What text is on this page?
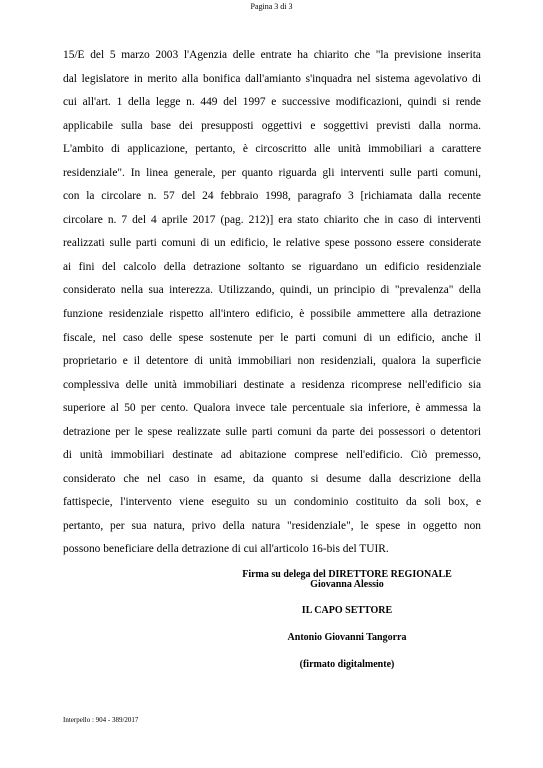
Pagina 3 di 3
15/E del 5 marzo 2003 l'Agenzia delle entrate ha chiarito che "la previsione inserita
dal legislatore in merito alla bonifica dall'amianto s'inquadra nel sistema agevolativo di
cui all'art. 1 della legge n. 449 del 1997 e successive modificazioni, quindi si rende
applicabile sulla base dei presupposti oggettivi e soggettivi previsti dalla norma.
L'ambito di applicazione, pertanto, è circoscritto alle unità immobiliari a carattere
residenziale". In linea generale, per quanto riguarda gli interventi sulle parti comuni,
con la circolare n. 57 del 24 febbraio 1998, paragrafo 3 [richiamata dalla recente
circolare n. 7 del 4 aprile 2017 (pag. 212)] era stato chiarito che in caso di interventi
realizzati sulle parti comuni di un edificio, le relative spese possono essere considerate
ai fini del calcolo della detrazione soltanto se riguardano un edificio residenziale
considerato nella sua interezza. Utilizzando, quindi, un principio di "prevalenza" della
funzione residenziale rispetto all'intero edificio, è possibile ammettere alla detrazione
fiscale, nel caso delle spese sostenute per le parti comuni di un edificio, anche il
proprietario e il detentore di unità immobiliari non residenziali, qualora la superficie
complessiva delle unità immobiliari destinate a residenza ricomprese nell'edificio sia
superiore al 50 per cento. Qualora invece tale percentuale sia inferiore, è ammessa la
detrazione per le spese realizzate sulle parti comuni da parte dei possessori o detentori
di unità immobiliari destinate ad abitazione comprese nell'edificio. Ciò premesso,
considerato che nel caso in esame, da quanto si desume dalla descrizione della
fattispecie, l'intervento viene eseguito su un condominio costituito da soli box, e
pertanto, per sua natura, privo della natura "residenziale", le spese in oggetto non
possono beneficiare della detrazione di cui all'articolo 16-bis del TUIR.
Firma su delega del DIRETTORE REGIONALE
Giovanna Alessio
IL CAPO SETTORE
Antonio Giovanni Tangorra
(firmato digitalmente)
Interpello : 904 - 389/2017
